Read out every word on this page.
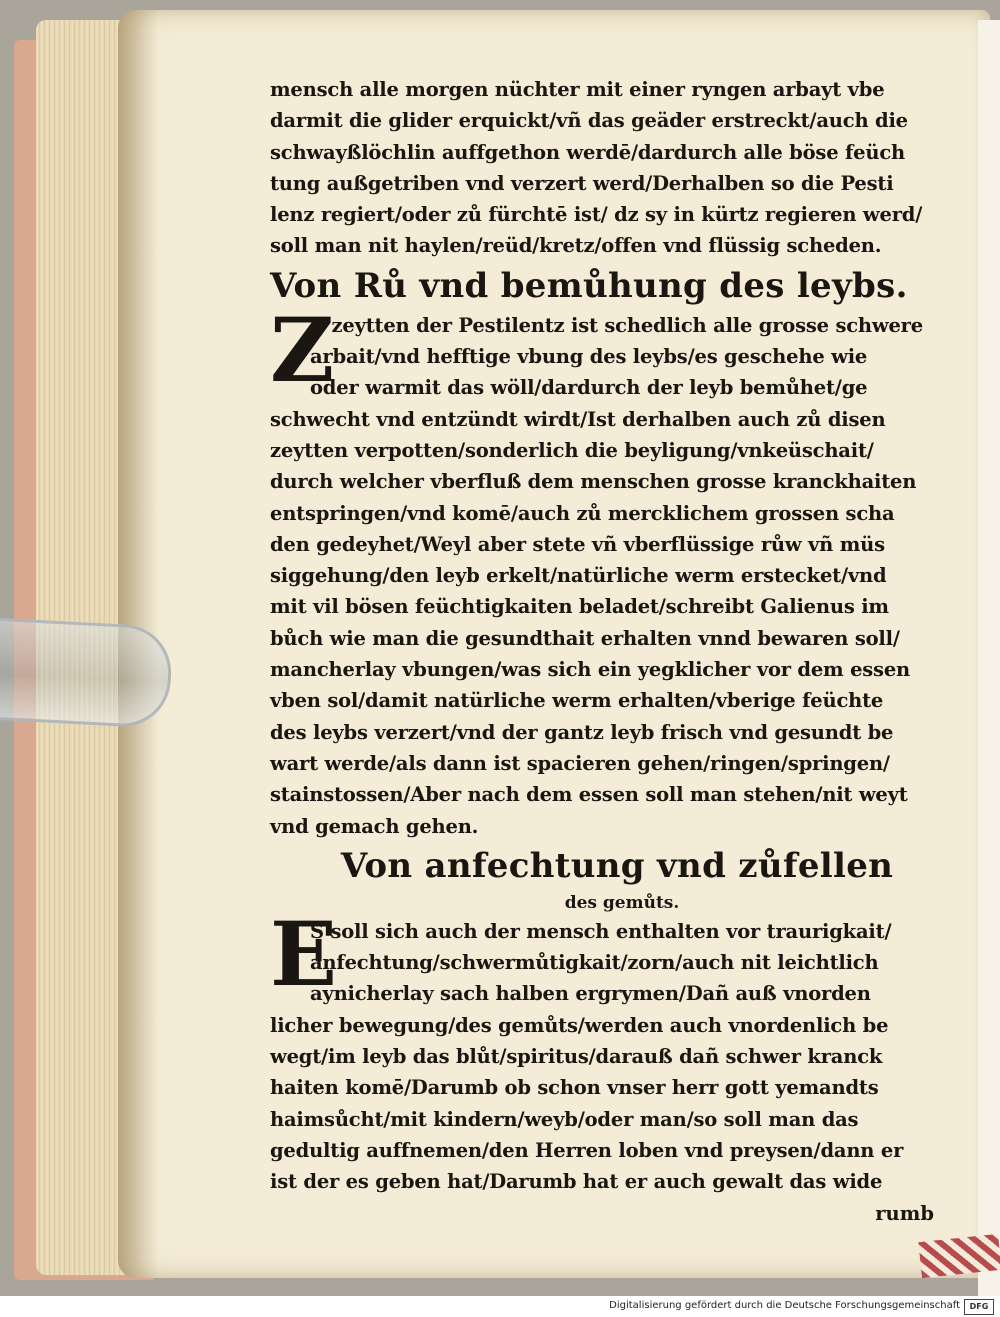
mensch alle morgen nüchter mit einer ryngen arbayt vbe
darmit die glider erquickt/vñ das geäder erstreckt/auch die
schwayßlöchlin auffgethon werdē/dardurch alle böse feüch
tung außgetriben vnd verzert werd/Derhalben so die Pesti
lenz regiert/oder zů fürchtē ist/ dz sy in kürtz regieren werd/
soll man nit haylen/reüd/kretz/offen vnd flüssig scheden.
Von Rů vnd bemůhung des leybs.
Z
V zeytten der Pestilentz ist schedlich alle grosse schwere
arbait/vnd hefftige vbung des leybs/es geschehe wie
oder warmit das wöll/dardurch der leyb bemůhet/ge
schwecht vnd entzündt wirdt/Ist derhalben auch zů disen
zeytten verpotten/sonderlich die beyligung/vnkeüschait/
durch welcher vberfluß dem menschen grosse kranckhaiten
entspringen/vnd komē/auch zů mercklichem grossen scha
den gedeyhet/Weyl aber stete vñ vberflüssige růw vñ müs
siggehung/den leyb erkelt/natürliche werm erstecket/vnd
mit vil bösen feüchtigkaiten beladet/schreibt Galienus im
bůch wie man die gesundthait erhalten vnnd bewaren soll/
mancherlay vbungen/was sich ein yegklicher vor dem essen
vben sol/damit natürliche werm erhalten/vberige feüchte
des leybs verzert/vnd der gantz leyb frisch vnd gesundt be
wart werde/als dann ist spacieren gehen/ringen/springen/
stainstossen/Aber nach dem essen soll man stehen/nit weyt
vnd gemach gehen.
Von anfechtung vnd zůfellen
des gemůts.
E
S soll sich auch der mensch enthalten vor traurigkait/
anfechtung/schwermůtigkait/zorn/auch nit leichtlich
aynicherlay sach halben ergrymen/Dañ auß vnorden
licher bewegung/des gemůts/werden auch vnordenlich be
wegt/im leyb das blůt/spiritus/darauß dañ schwer kranck
haiten komē/Darumb ob schon vnser herr gott yemandts
haimsůcht/mit kindern/weyb/oder man/so soll man das
gedultig auffnemen/den Herren loben vnd preysen/dann er
ist der es geben hat/Darumb hat er auch gewalt das wide
rumb
Digitalisierung gefördert durch die Deutsche Forschungsgemeinschaft	DFG
